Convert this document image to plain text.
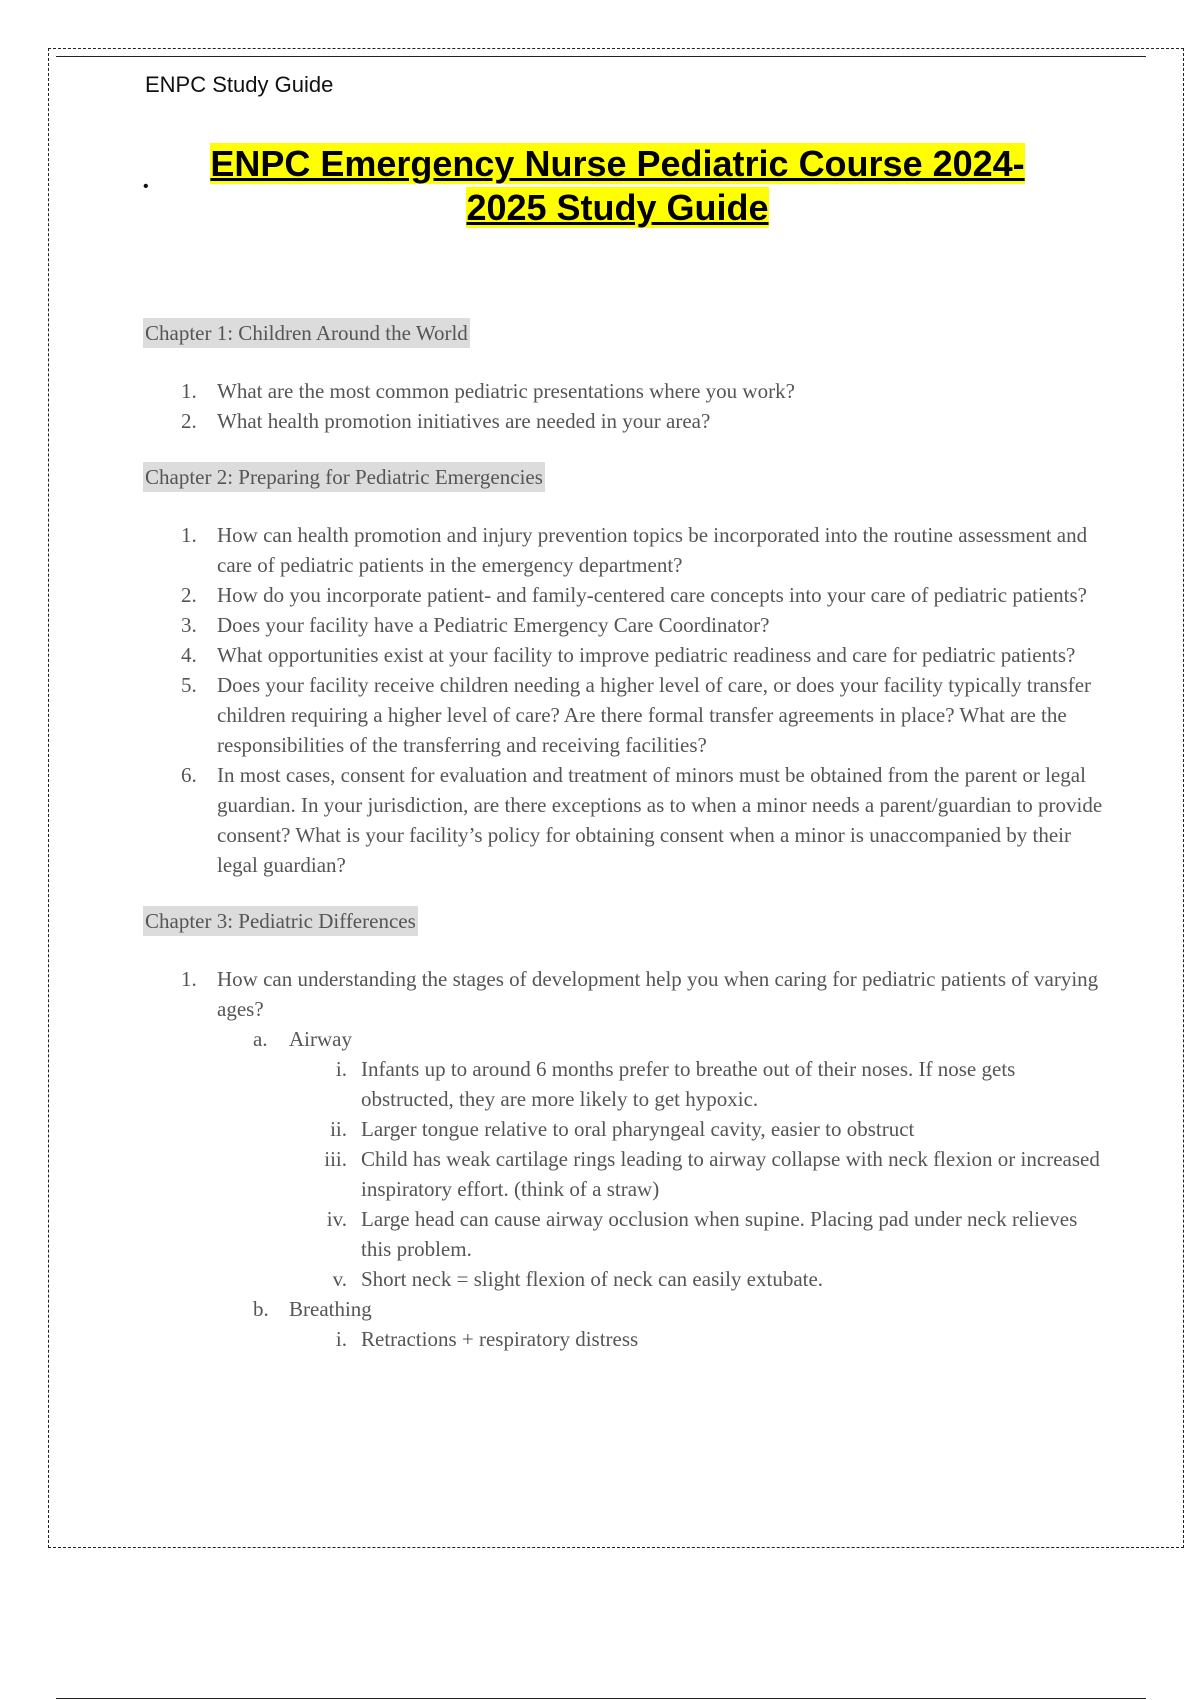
ENPC Study Guide
•
ENPC Emergency Nurse Pediatric Course 2024-
2025 Study Guide
Chapter 1: Children Around the World
1. What are the most common pediatric presentations where you work?
2. What health promotion initiatives are needed in your area?
Chapter 2: Preparing for Pediatric Emergencies
1. How can health promotion and injury prevention topics be incorporated into the routine assessment and care of pediatric patients in the emergency department?
2. How do you incorporate patient- and family-centered care concepts into your care of pediatric patients?
3. Does your facility have a Pediatric Emergency Care Coordinator?
4. What opportunities exist at your facility to improve pediatric readiness and care for pediatric patients?
5. Does your facility receive children needing a higher level of care, or does your facility typically transfer children requiring a higher level of care? Are there formal transfer agreements in place? What are the responsibilities of the transferring and receiving facilities?
6. In most cases, consent for evaluation and treatment of minors must be obtained from the parent or legal guardian. In your jurisdiction, are there exceptions as to when a minor needs a parent/guardian to provide consent? What is your facility’s policy for obtaining consent when a minor is unaccompanied by their legal guardian?
Chapter 3: Pediatric Differences
1. How can understanding the stages of development help you when caring for pediatric patients of varying ages?
a.	Airway
i. Infants up to around 6 months prefer to breathe out of their noses. If nose gets obstructed, they are more likely to get hypoxic.
ii. Larger tongue relative to oral pharyngeal cavity, easier to obstruct
iii. Child has weak cartilage rings leading to airway collapse with neck flexion or increased inspiratory effort. (think of a straw)
iv. Large head can cause airway occlusion when supine. Placing pad under neck relieves this problem.
v. Short neck = slight flexion of neck can easily extubate.
b. Breathing
i. Retractions + respiratory distress
